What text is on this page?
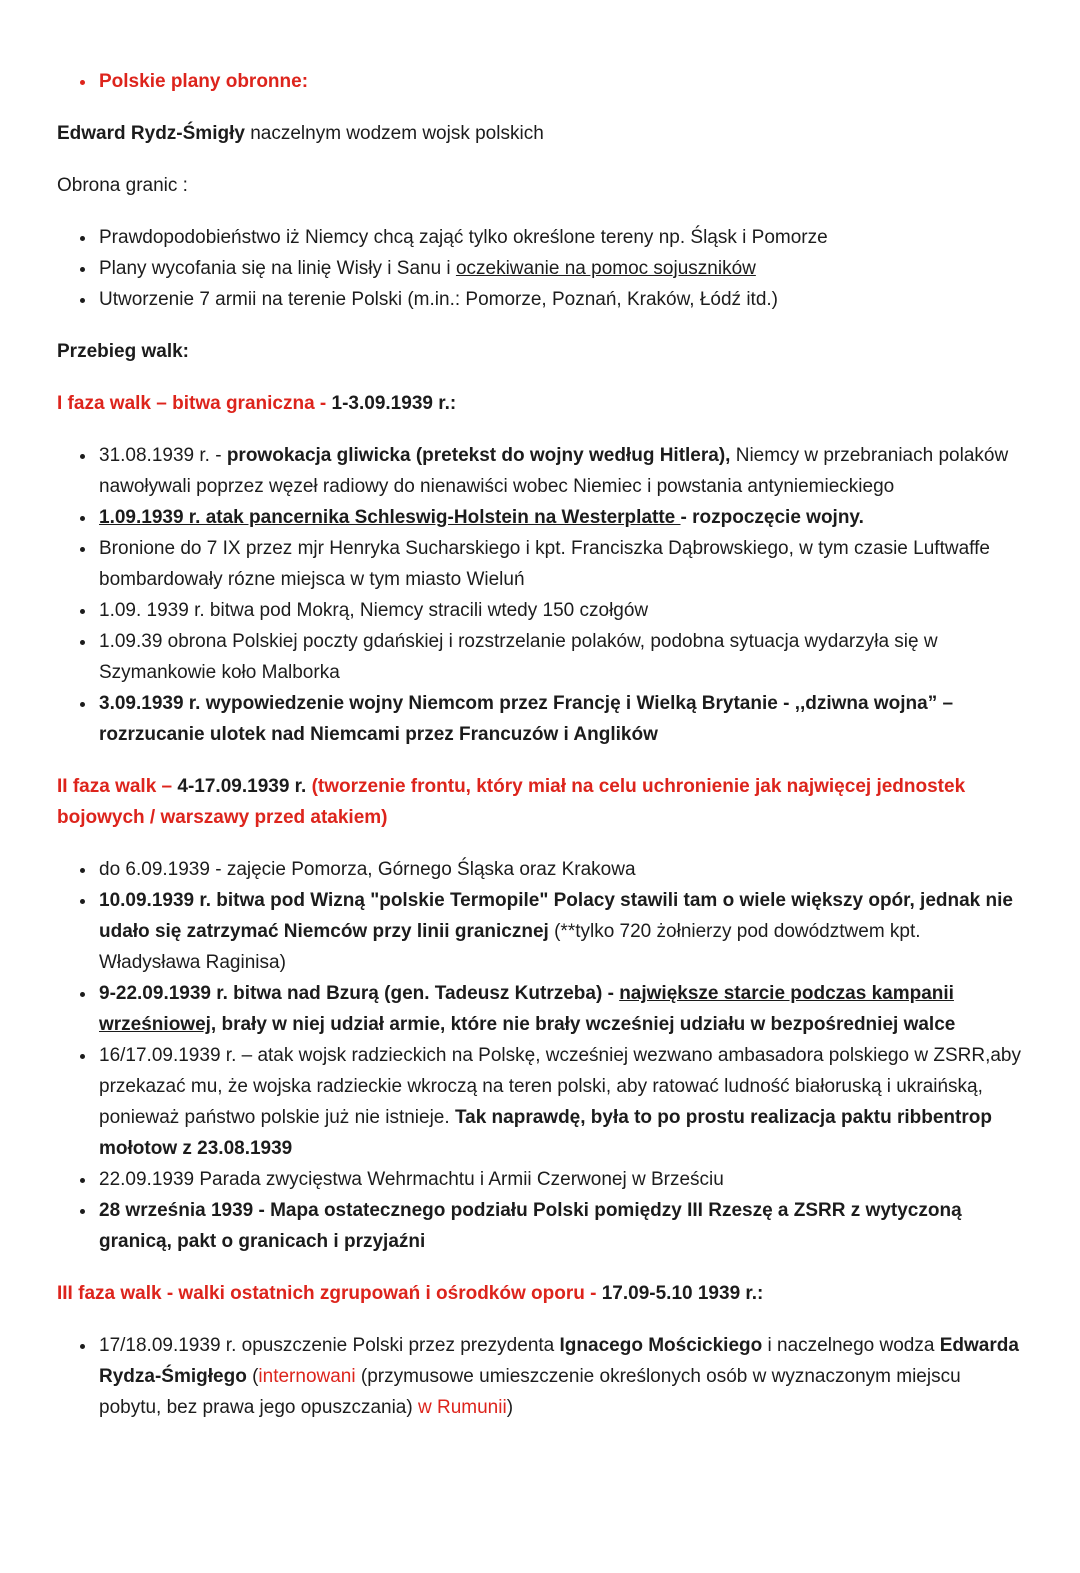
• Polskie plany obronne:

Edward Rydz-Śmigły naczelnym wodzem wojsk polskich

Obrona granic :

• Prawdopodobieństwo iż Niemcy chcą zająć tylko określone tereny np. Śląsk i Pomorze
• Plany wycofania się na linię Wisły i Sanu i oczekiwanie na pomoc sojuszników
• Utworzenie 7 armii na terenie Polski (m.in.: Pomorze, Poznań, Kraków, Łódź itd.)

Przebieg walk:

I faza walk – bitwa graniczna - 1-3.09.1939 r.:

• 31.08.1939 r. - prowokacja gliwicka (pretekst do wojny według Hitlera), Niemcy w przebraniach polaków nawoływali poprzez węzeł radiowy do nienawiści wobec Niemiec i powstania antyniemieckiego
• 1.09.1939 r. atak pancernika Schleswig-Holstein na Westerplatte - rozpoczęcie wojny.
• Bronione do 7 IX przez mjr Henryka Sucharskiego i kpt. Franciszka Dąbrowskiego, w tym czasie Luftwaffe bombardowały rózne miejsca w tym miasto Wieluń
• 1.09. 1939 r. bitwa pod Mokrą, Niemcy stracili wtedy 150 czołgów
• 1.09.39 obrona Polskiej poczty gdańskiej i rozstrzelanie polaków, podobna sytuacja wydarzyła się w Szymankowie koło Malborka
• 3.09.1939 r. wypowiedzenie wojny Niemcom przez Francję i Wielką Brytanie - ,,dziwna wojna” – rozrzucanie ulotek nad Niemcami przez Francuzów i Anglików

II faza walk – 4-17.09.1939 r. (tworzenie frontu, który miał na celu uchronienie jak najwięcej jednostek bojowych / warszawy przed atakiem)

• do 6.09.1939 - zajęcie Pomorza, Górnego Śląska oraz Krakowa
• 10.09.1939 r. bitwa pod Wizną "polskie Termopile" Polacy stawili tam o wiele większy opór, jednak nie udało się zatrzymać Niemców przy linii granicznej (**tylko 720 żołnierzy pod dowództwem kpt. Władysława Raginisa)
• 9-22.09.1939 r. bitwa nad Bzurą (gen. Tadeusz Kutrzeba) - największe starcie podczas kampanii wrześniowej, brały w niej udział armie, które nie brały wcześniej udziału w bezpośredniej walce
• 16/17.09.1939 r. – atak wojsk radzieckich na Polskę, wcześniej wezwano ambasadora polskiego w ZSRR,aby przekazać mu, że wojska radzieckie wkroczą na teren polski, aby ratować ludność białoruską i ukraińską, ponieważ państwo polskie już nie istnieje. Tak naprawdę, była to po prostu realizacja paktu ribbentrop mołotow z 23.08.1939
• 22.09.1939 Parada zwycięstwa Wehrmachtu i Armii Czerwonej w Brześciu
• 28 września 1939 - Mapa ostatecznego podziału Polski pomiędzy III Rzeszę a ZSRR z wytyczoną granicą, pakt o granicach i przyjaźni

III faza walk - walki ostatnich zgrupowań i ośrodków oporu - 17.09-5.10 1939 r.:

• 17/18.09.1939 r. opuszczenie Polski przez prezydenta Ignacego Mościckiego i naczelnego wodza Edwarda Rydza-Śmigłego (internowani (przymusowe umieszczenie określonych osób w wyznaczonym miejscu pobytu, bez prawa jego opuszczania) w Rumunii)
